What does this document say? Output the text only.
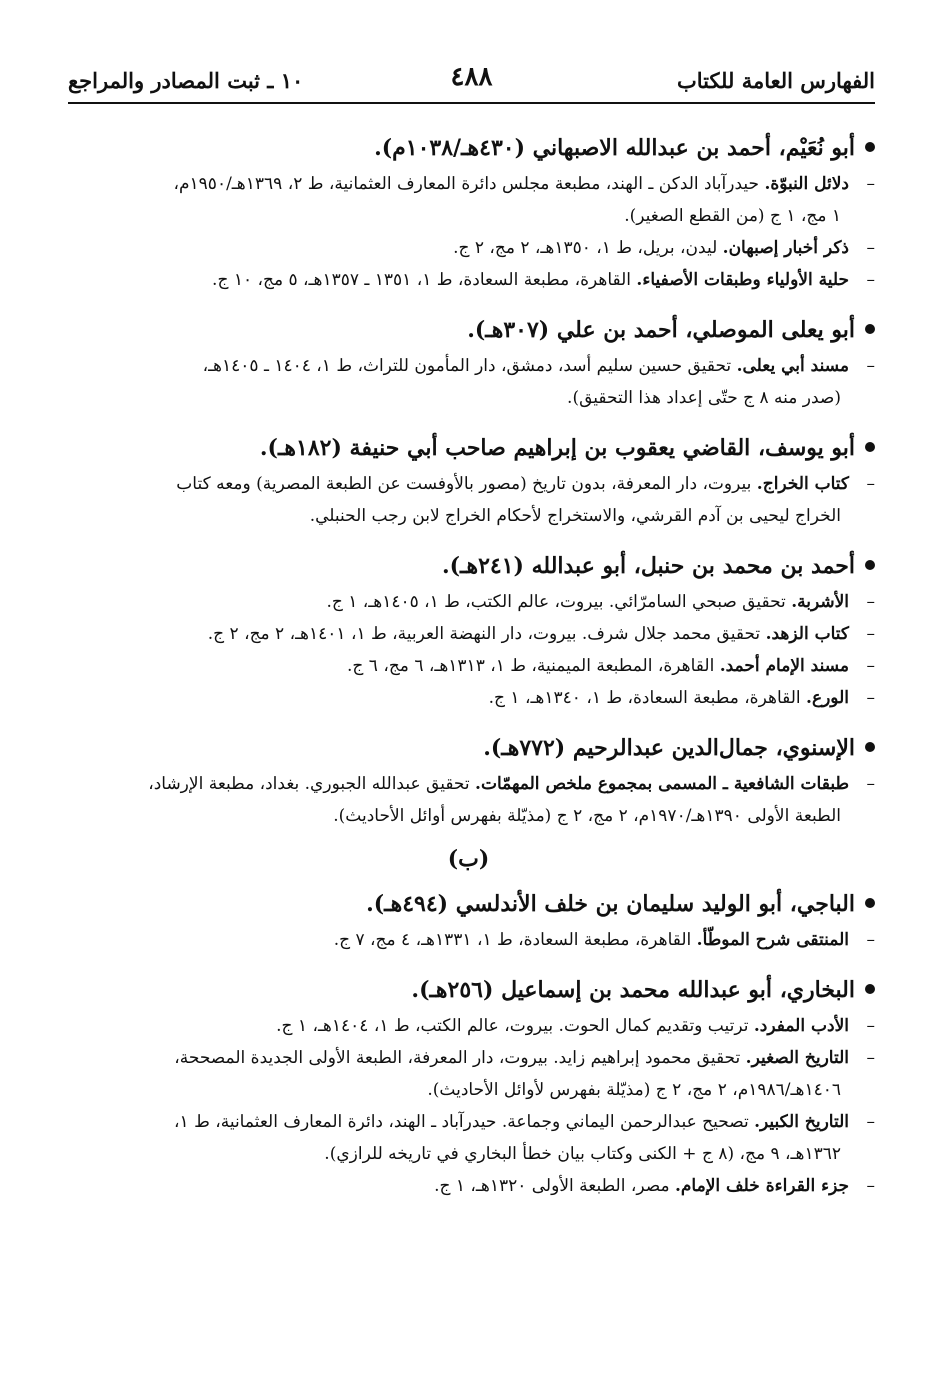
الفهارس العامة للكتاب
٤٨٨
١٠ ـ ثبت المصادر والمراجع
أبو نُعَيْم، أحمد بن عبدالله الاصبهاني (٤٣٠هـ/١٠٣٨م).
–
دلائل النبوّة. حيدرآباد الدكن ـ الهند، مطبعة مجلس دائرة المعارف العثمانية، ط ٢، ١٣٦٩هـ/١٩٥٠م،
١ مج، ١ ج (من القطع الصغير).
–
ذكر أخبار إصبهان. ليدن، بريل، ط ١، ١٣٥٠هـ، ٢ مج، ٢ ج.
–
حلية الأولياء وطبقات الأصفياء. القاهرة، مطبعة السعادة، ط ١، ١٣٥١ ـ ١٣٥٧هـ، ٥ مج، ١٠ ج.
أبو يعلى الموصلي، أحمد بن علي (٣٠٧هـ).
–
مسند أبي يعلى. تحقيق حسين سليم أسد، دمشق، دار المأمون للتراث، ط ١، ١٤٠٤ ـ ١٤٠٥هـ،
(صدر منه ٨ ج حتّى إعداد هذا التحقيق).
أبو يوسف، القاضي يعقوب بن إبراهيم صاحب أبي حنيفة (١٨٢هـ).
–
كتاب الخراج. بيروت، دار المعرفة، بدون تاريخ (مصور بالأوفست عن الطبعة المصرية) ومعه كتاب
الخراج ليحيى بن آدم القرشي، والاستخراج لأحكام الخراج لابن رجب الحنبلي.
أحمد بن محمد بن حنبل، أبو عبدالله (٢٤١هـ).
–
الأشربة. تحقيق صبحي السامرّائي. بيروت، عالم الكتب، ط ١، ١٤٠٥هـ، ١ ج.
–
كتاب الزهد. تحقيق محمد جلال شرف. بيروت، دار النهضة العربية، ط ١، ١٤٠١هـ، ٢ مج، ٢ ج.
–
مسند الإمام أحمد. القاهرة، المطبعة الميمنية، ط ١، ١٣١٣هـ، ٦ مج، ٦ ج.
–
الورع. القاهرة، مطبعة السعادة، ط ١، ١٣٤٠هـ، ١ ج.
الإسنوي، جمال‌الدين عبدالرحيم (٧٧٢هـ).
–
طبقات الشافعية ـ المسمى بمجموع ملخص المهمّات. تحقيق عبدالله الجبوري. بغداد، مطبعة الإرشاد،
الطبعة الأولى ١٣٩٠هـ/١٩٧٠م، ٢ مج، ٢ ج (مذيّلة بفهرس أوائل الأحاديث).
(ب)
الباجي، أبو الوليد سليمان بن خلف الأندلسي (٤٩٤هـ).
–
المنتقى شرح الموطّأ. القاهرة، مطبعة السعادة، ط ١، ١٣٣١هـ، ٤ مج، ٧ ج.
البخاري، أبو عبدالله محمد بن إسماعيل (٢٥٦هـ).
–
الأدب المفرد. ترتيب وتقديم كمال الحوت. بيروت، عالم الكتب، ط ١، ١٤٠٤هـ، ١ ج.
–
التاريخ الصغير. تحقيق محمود إبراهيم زايد. بيروت، دار المعرفة، الطبعة الأولى الجديدة المصححة،
١٤٠٦هـ/١٩٨٦م، ٢ مج، ٢ ج (مذيّلة بفهرس لأوائل الأحاديث).
–
التاريخ الكبير. تصحيح عبدالرحمن اليماني وجماعة. حيدرآباد ـ الهند، دائرة المعارف العثمانية، ط ١،
١٣٦٢هـ، ٩ مج، (٨ ج + الكنى وكتاب بيان خطأ البخاري في تاريخه للرازي).
–
جزء القراءة خلف الإمام. مصر، الطبعة الأولى ١٣٢٠هـ، ١ ج.
